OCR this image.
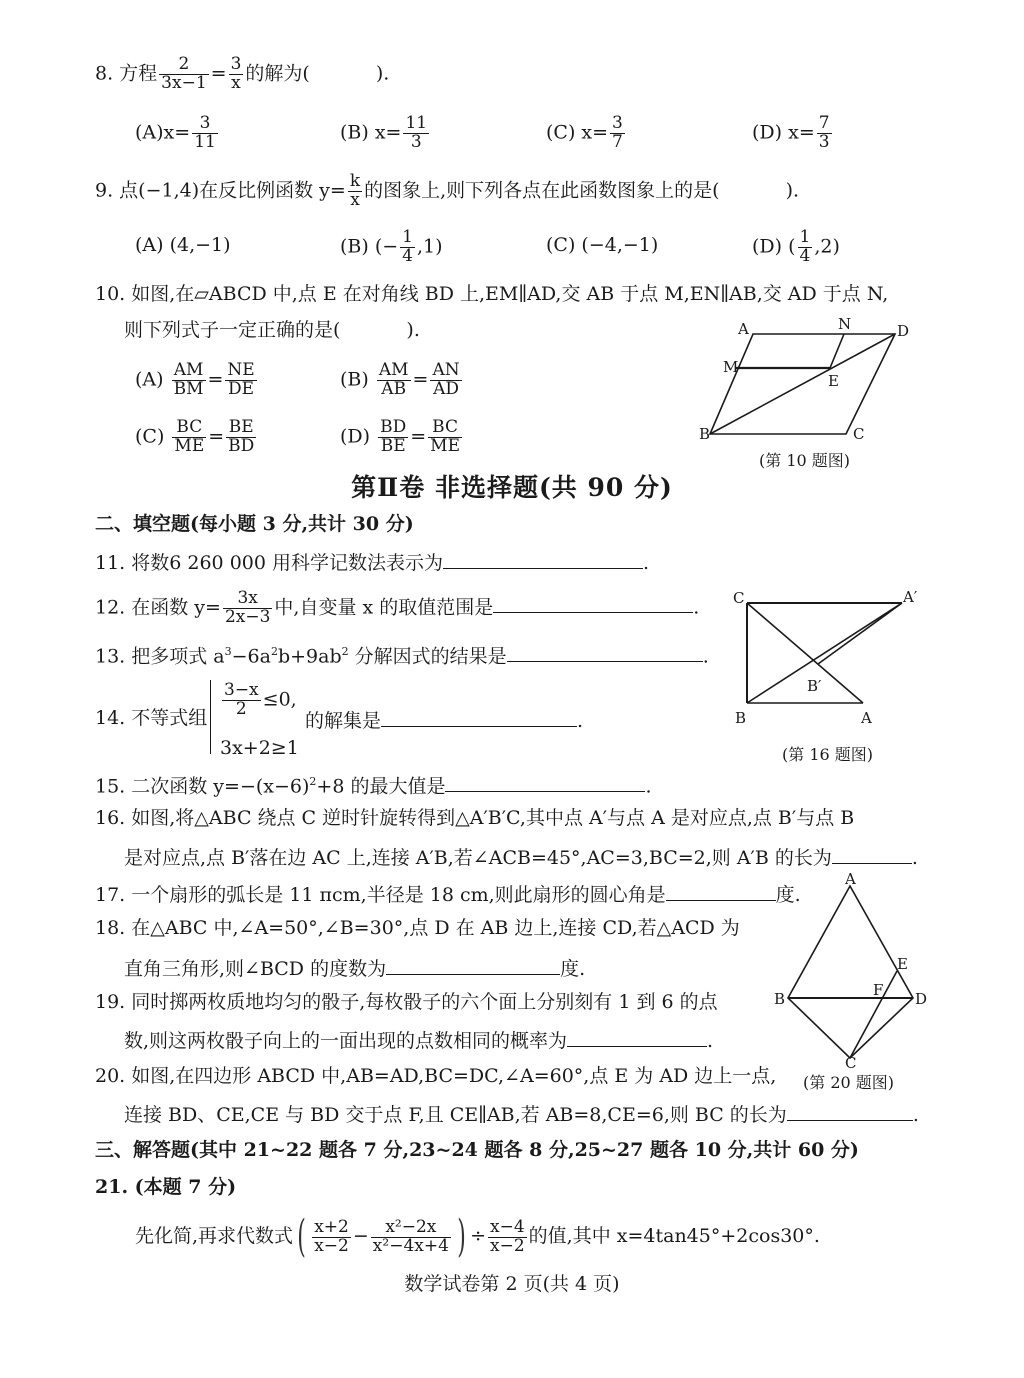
8. 方程 $\frac{2}{3x-1} = \frac{3}{x}$ 的解为(	).
$(A)x= \frac{3}{11}$	(B) $x= \frac{11}{3}$	(C) $x= \frac{3}{7}$	(D) $x= \frac{7}{3}$
9. 点(−1,4)在反比例函数 $y= \frac{k}{x}$ 的图象上,则下列各点在此函数图象上的是(	).
(A) (4,−1)	(B) (− $\frac{1}{4} ,1$)	(C) (−4,−1)	(D) ( $\frac{1}{4} ,2$)
10. 如图,在▱ABCD 中,点 E 在对角线 BD 上,EM∥AD,交 AB 于点 M,EN∥AB,交 AD 于点 N,
则下列式子一定正确的是(	).
$(A) \frac{AM}{BM} = \frac{NE}{DE}$	$(B) \frac{AM}{AB} = \frac{AN}{AD}$
$(C) \frac{BC}{ME} = \frac{BE}{BD}$	$(D) \frac{BD}{BE} = \frac{BC}{ME}$
A	N	D
M
E
B	C
(第 10 题图)
第Ⅱ卷 非选择题(共 90 分)
二、填空题(每小题 3 分,共计 30 分)
11. 将数6 260 000 用科学记数法表示为	.
12. 在函数 $y= \frac{3x}{2x-3}$ 中,自变量 x 的取值范围是	.
13. 把多项式 $a^3-6a^2b+9ab^2$ 分解因式的结果是	.
14. 不等式组 $\frac{3-x}{2} \le 0$,
3x+2≥1
的解集是	.
C	A′
B′
B	A
(第 16 题图)
15. 二次函数 $y=-(x-6)^2+8$ 的最大值是	.
16. 如图,将△ABC 绕点 C 逆时针旋转得到△A′B′C,其中点 A′与点 A 是对应点,点 B′与点 B
是对应点,点 B′落在边 AC 上,连接 A′B,若∠ACB=45°,AC=3,BC=2,则 A′B 的长为	.
17. 一个扇形的弧长是 11 πcm,半径是 18 cm,则此扇形的圆心角是	度.
18. 在△ABC 中,∠A=50°,∠B=30°,点 D 在 AB 边上,连接 CD,若△ACD 为
直角三角形,则∠BCD 的度数为	度.
19. 同时掷两枚质地均匀的骰子,每枚骰子的六个面上分别刻有 1 到 6 的点
数,则这两枚骰子向上的一面出现的点数相同的概率为	.
A
E
B	F D
C
(第 20 题图)
20. 如图,在四边形 ABCD 中,AB=AD,BC=DC,∠A=60°,点 E 为 AD 边上一点,
连接 BD、CE,CE 与 BD 交于点 F,且 CE∥AB,若 AB=8,CE=6,则 BC 的长为	.
三、解答题(其中 21~22 题各 7 分,23~24 题各 8 分,25~27 题各 10 分,共计 60 分)
21. (本题 7 分)
先化简,再求代数式( $\frac{x+2}{x-2} - \frac{\text{x²−2x}}{\text{x²−4x+4}}$ ) ÷ $\frac{x-4}{x-2}$ 的值,其中 x=4tan45°+2cos30°.
数学试卷第 2 页(共 4 页)
